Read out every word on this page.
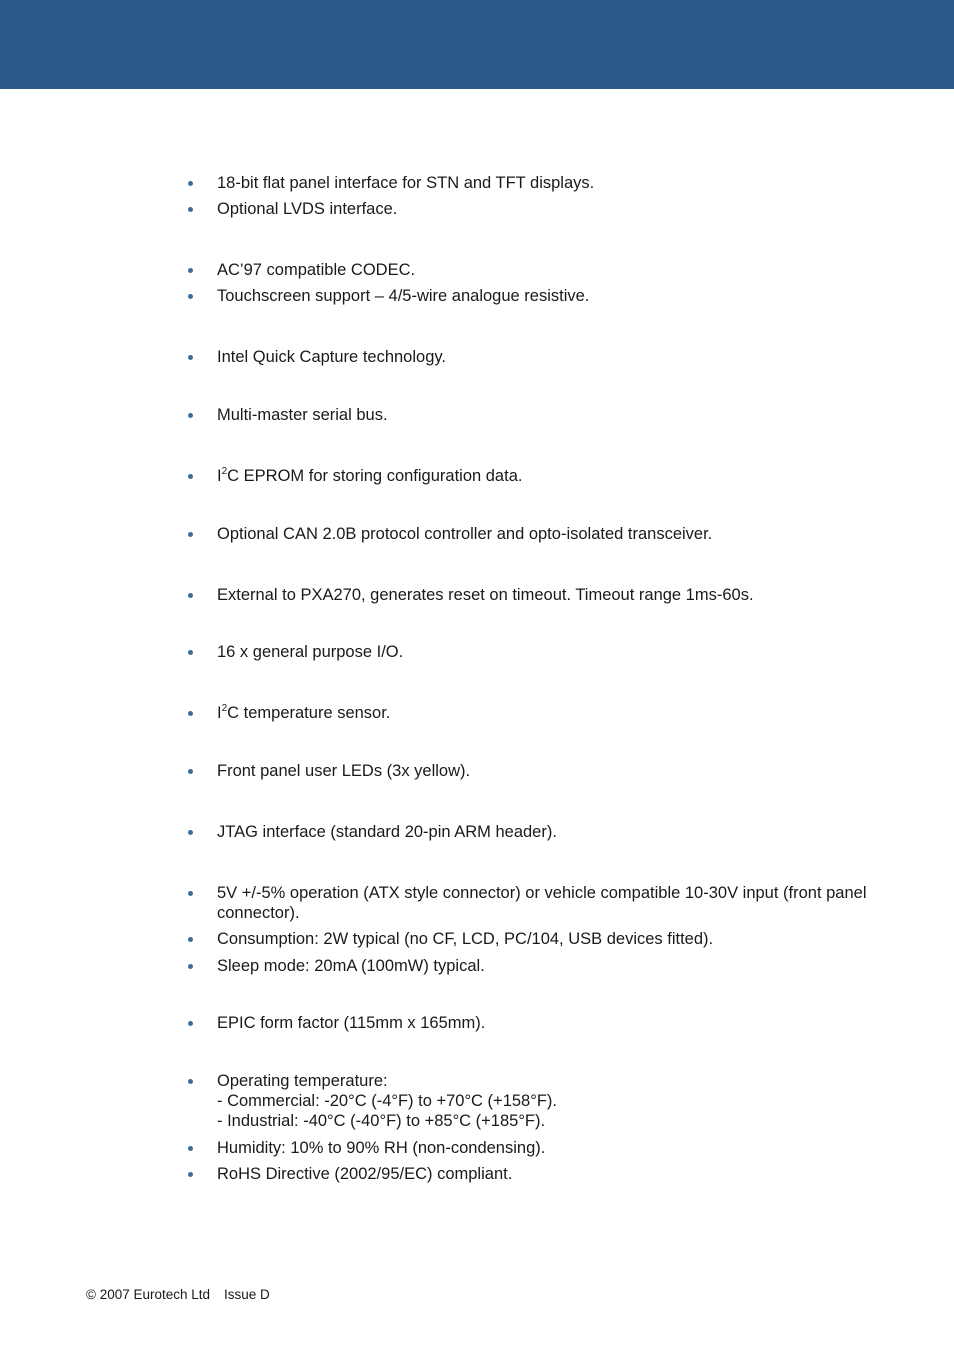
18-bit flat panel interface for STN and TFT displays.
Optional LVDS interface.
AC’97 compatible CODEC.
Touchscreen support – 4/5-wire analogue resistive.
Intel Quick Capture technology.
Multi-master serial bus.
$I^2C$ EPROM for storing configuration data.
Optional CAN 2.0B protocol controller and opto-isolated transceiver.
External to PXA270, generates reset on timeout. Timeout range 1ms-60s.
16 x general purpose I/O.
$I^2C$ temperature sensor.
Front panel user LEDs (3x yellow).
JTAG interface (standard 20-pin ARM header).
5V +/-5% operation (ATX style connector) or vehicle compatible 10-30V input (front panel connector).
Consumption: 2W typical (no CF, LCD, PC/104, USB devices fitted).
Sleep mode: 20mA (100mW) typical.
EPIC form factor (115mm x 165mm).
Operating temperature:
- Commercial: -20°C (-4°F) to +70°C (+158°F).
- Industrial: -40°C (-40°F) to +85°C (+185°F).
Humidity: 10% to 90% RH (non-condensing).
RoHS Directive (2002/95/EC) compliant.
© 2007 Eurotech Ltd Issue D
